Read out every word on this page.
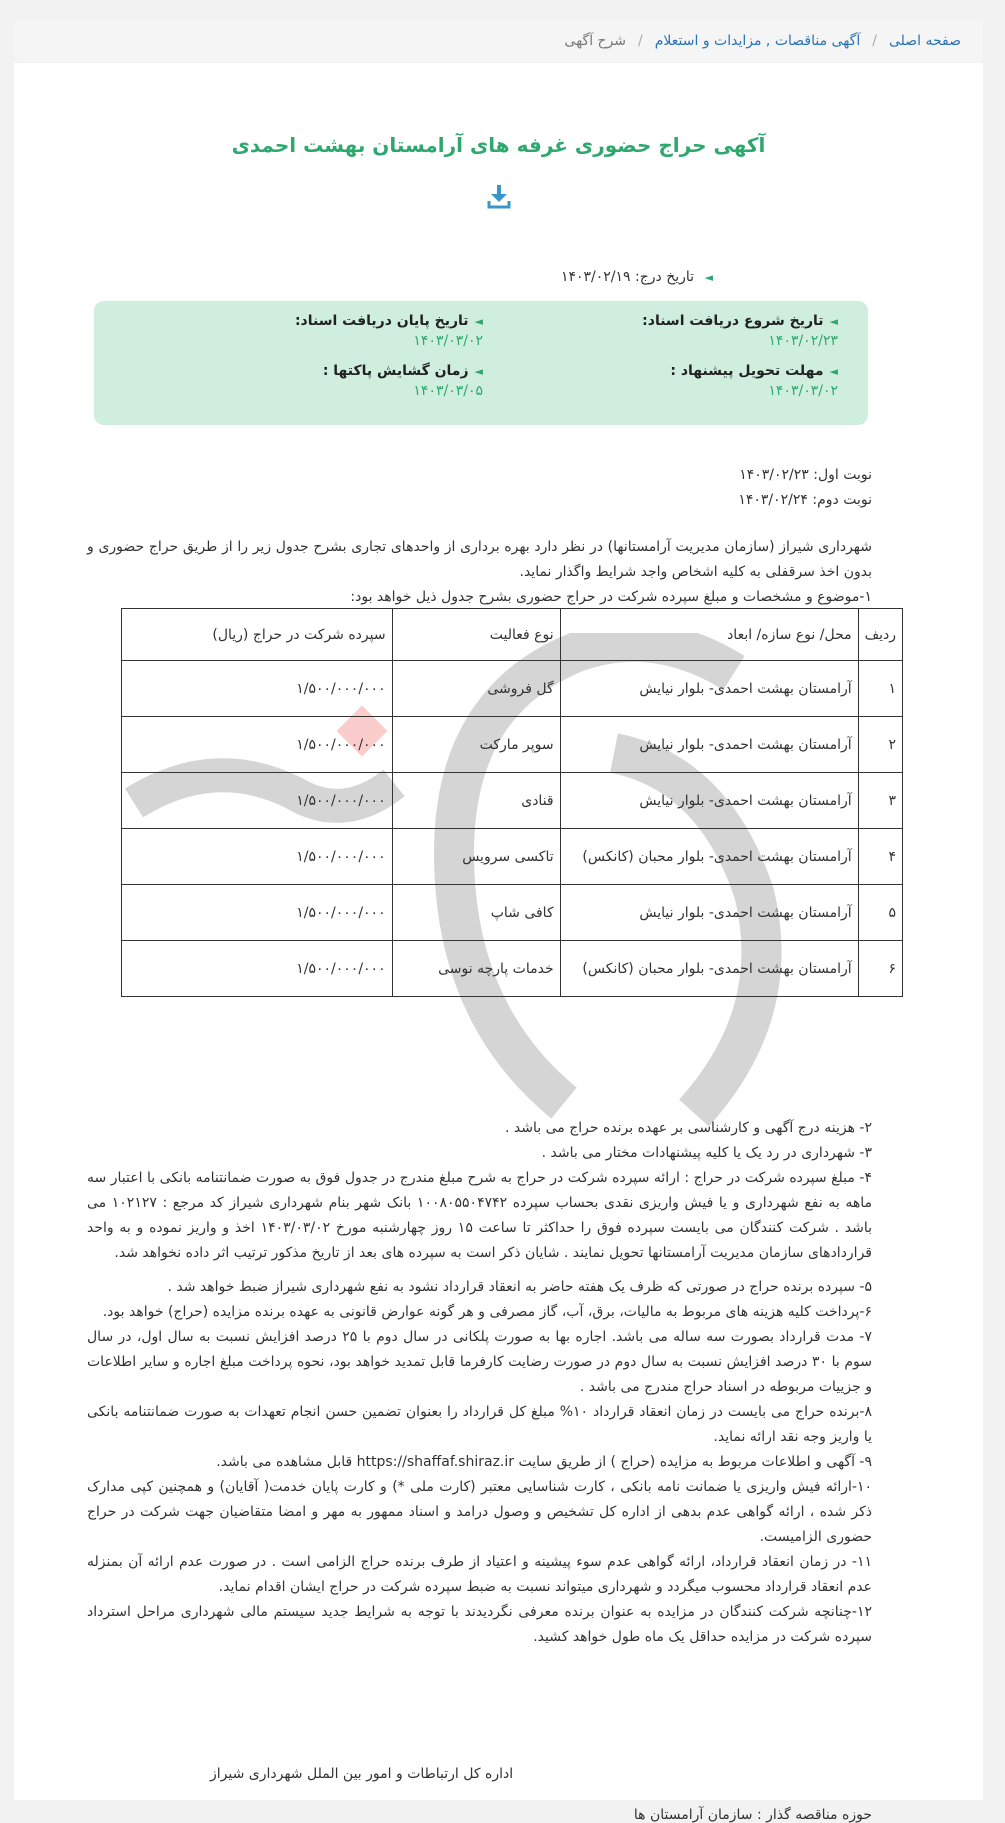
صفحه اصلی
/
آگهی مناقصات , مزایدات و استعلام
/
شرح آگهی
آکهی حراج حضوری غرفه های آرامستان بهشت احمدی
◄ تاریخ درج: ۱۴۰۳/۰۲/۱۹
◄تاریخ شروع دریافت اسناد:
۱۴۰۳/۰۲/۲۳
◄تاریخ پایان دریافت اسناد:
۱۴۰۳/۰۳/۰۲
◄مهلت تحویل پیشنهاد :
۱۴۰۳/۰۳/۰۲
◄زمان گشایش پاکتها :
۱۴۰۳/۰۳/۰۵
نوبت اول: ۱۴۰۳/۰۲/۲۳
نوبت دوم: ۱۴۰۳/۰۲/۲۴
شهرداری شیراز (سازمان مدیریت آرامستانها) در نظر دارد بهره برداری از واحدهای تجاری بشرح جدول زیر را از طریق حراج حضوری و بدون اخذ سرقفلی به کلیه اشخاص واجد شرایط واگذار نماید.
۱-موضوع و مشخصات و مبلغ سپرده شرکت در حراج حضوری بشرح جدول ذیل خواهد بود:
ردیف	محل/ نوع سازه/ ابعاد	نوع فعالیت	سپرده شرکت در حراج (ریال)
۱	آرامستان بهشت احمدی- بلوار نیایش	گل فروشی	۱/۵۰۰/۰۰۰/۰۰۰
۲	آرامستان بهشت احمدی- بلوار نیایش	سوپر مارکت	۱/۵۰۰/۰۰۰/۰۰۰
۳	آرامستان بهشت احمدی- بلوار نیایش	قنادی	۱/۵۰۰/۰۰۰/۰۰۰
۴	آرامستان بهشت احمدی- بلوار محبان (کانکس)	تاکسی سرویس	۱/۵۰۰/۰۰۰/۰۰۰
۵	آرامستان بهشت احمدی- بلوار نیایش	کافی شاپ	۱/۵۰۰/۰۰۰/۰۰۰
۶	آرامستان بهشت احمدی- بلوار محبان (کانکس)	خدمات پارچه نوسی	۱/۵۰۰/۰۰۰/۰۰۰
۲- هزینه درج آگهی و کارشناسی بر عهده برنده حراج می باشد .
۳- شهرداری در رد یک یا کلیه پیشنهادات مختار می باشد .
۴- مبلغ سپرده شرکت در حراج : ارائه سپرده شرکت در حراج به شرح مبلغ مندرج در جدول فوق به صورت ضمانتنامه بانکی با اعتبار سه ماهه به نفع شهرداری و یا فیش واریزی نقدی بحساب سپرده ۱۰۰۸۰۵۵۰۴۷۴۲ بانک شهر بنام شهرداری شیراز کد مرجع : ۱۰۲۱۲۷ می باشد . شرکت کنندگان می بایست سپرده فوق را حداکثر تا ساعت ۱۵ روز چهارشنبه مورخ ۱۴۰۳/۰۳/۰۲ اخذ و واریز نموده و به واحد قراردادهای سازمان مدیریت آرامستانها تحویل نمایند . شایان ذکر است به سپرده های بعد از تاریخ مذکور ترتیب اثر داده نخواهد شد.
۵- سپرده برنده حراج در صورتی که ظرف یک هفته حاضر به انعقاد قرارداد نشود به نفع شهرداری شیراز ضبط خواهد شد .
۶-پرداخت کلیه هزینه های مربوط به مالیات، برق، آب، گاز مصرفی و هر گونه عوارض قانونی به عهده برنده مزایده (حراج) خواهد بود.
۷- مدت قرارداد بصورت سه ساله می باشد. اجاره بها به صورت پلکانی در سال دوم با ۲۵ درصد افزایش نسبت به سال اول، در سال سوم با ۳۰ درصد افزایش نسبت به سال دوم در صورت رضایت کارفرما قابل تمدید خواهد بود، نحوه پرداخت مبلغ اجاره و سایر اطلاعات و جزییات مربوطه در اسناد حراج مندرج می باشد .
۸-برنده حراج می بایست در زمان انعقاد قرارداد ۱۰% مبلغ کل قرارداد را بعنوان تضمین حسن انجام تعهدات به صورت ضمانتنامه بانکی یا واریز وجه نقد ارائه نماید.
۹- آگهی و اطلاعات مربوط به مزایده (حراج ) از طریق سایت https://shaffaf.shiraz.ir قابل مشاهده می باشد.
۱۰-ارائه فیش واریزی یا ضمانت نامه بانکی ، کارت شناسایی معتبر (کارت ملی *) و کارت پایان خدمت( آقایان) و همچنین کپی مدارک ذکر شده ، ارائه گواهی عدم بدهی از اداره کل تشخیص و وصول درامد و اسناد ممهور به مهر و امضا متقاضیان جهت شرکت در حراج حضوری الزامیست.
۱۱- در زمان انعقاد قرارداد، ارائه گواهی عدم سوء پیشینه و اعتیاد از طرف برنده حراج الزامی است . در صورت عدم ارائه آن بمنزله عدم انعقاد قرارداد محسوب میگردد و شهرداری میتواند نسبت به ضبط سپرده شرکت در حراج ایشان اقدام نماید.
۱۲-چنانچه شرکت کنندگان در مزایده به عنوان برنده معرفی نگردیدند با توجه به شرایط جدید سیستم مالی شهرداری مراحل استرداد سپرده شرکت در مزایده حداقل یک ماه طول خواهد کشید.
اداره کل ارتباطات و امور بین الملل شهرداری شیراز
حوزه مناقصه گذار : سازمان آرامستان ها
